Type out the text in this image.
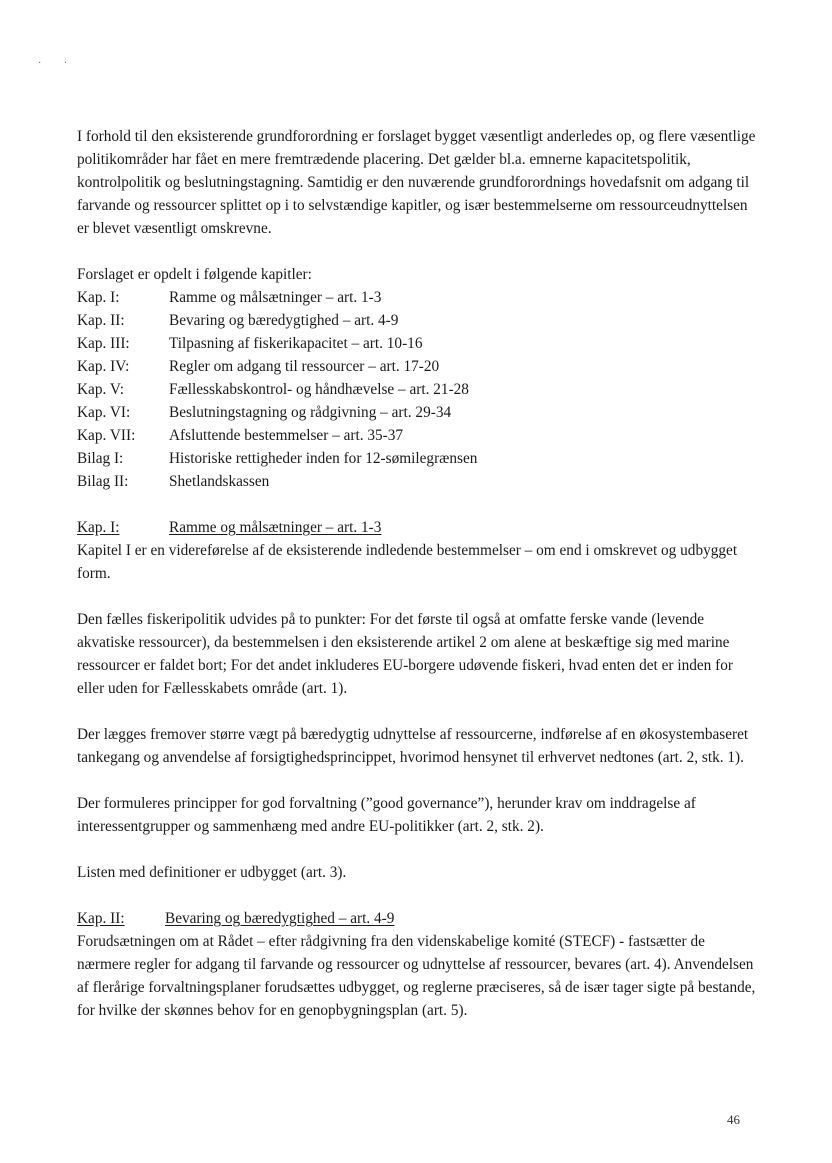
·         ·

I forhold til den eksisterende grundforordning er forslaget bygget væsentligt anderledes op, og flere væsentlige politikområder har fået en mere fremtrædende placering. Det gælder bl.a. emnerne kapacitetspolitik, kontrolpolitik og beslutningstagning. Samtidig er den nuværende grundforordnings hovedafsnit om adgang til farvande og ressourcer splittet op i to selvstændige kapitler, og især bestemmelserne om ressourceudnyttelsen er blevet væsentligt omskrevne.

Forslaget er opdelt i følgende kapitler:

Kap. I:	Ramme og målsætninger – art. 1-3
Kap. II:	Bevaring og bæredygtighed – art. 4-9
Kap. III:	Tilpasning af fiskerikapacitet – art. 10-16
Kap. IV:	Regler om adgang til ressourcer – art. 17-20
Kap. V:	Fællesskabskontrol- og håndhævelse – art. 21-28
Kap. VI:	Beslutningstagning og rådgivning – art. 29-34
Kap. VII:	Afsluttende bestemmelser – art. 35-37
Bilag I:	Historiske rettigheder inden for 12-sømilegrænsen
Bilag II:	Shetlandskassen
Kap. I:	Ramme og målsætninger – art. 1-3

Kapitel I er en videreførelse af de eksisterende indledende bestemmelser – om end i omskrevet og udbygget form.

Den fælles fiskeripolitik udvides på to punkter: For det første til også at omfatte ferske vande (levende akvatiske ressourcer), da bestemmelsen i den eksisterende artikel 2 om alene at beskæftige sig med marine ressourcer er faldet bort; For det andet inkluderes EU-borgere udøvende fiskeri, hvad enten det er inden for eller uden for Fællesskabets område (art. 1).

Der lægges fremover større vægt på bæredygtig udnyttelse af ressourcerne, indførelse af en økosystembaseret tankegang og anvendelse af forsigtighedsprincippet, hvorimod hensynet til erhvervet nedtones (art. 2, stk. 1).

Der formuleres principper for god forvaltning (”good governance”), herunder krav om inddragelse af interessentgrupper og sammenhæng med andre EU-politikker (art. 2, stk. 2).

Listen med definitioner er udbygget (art. 3).

Kap. II:	Bevaring og bæredygtighed – art. 4-9

Forudsætningen om at Rådet – efter rådgivning fra den videnskabelige komité (STECF) - fastsætter de nærmere regler for adgang til farvande og ressourcer og udnyttelse af ressourcer, bevares (art. 4). Anvendelsen af flerårige forvaltningsplaner forudsættes udbygget, og reglerne præciseres, så de især tager sigte på bestande, for hvilke der skønnes behov for en genopbygningsplan (art. 5).

46
